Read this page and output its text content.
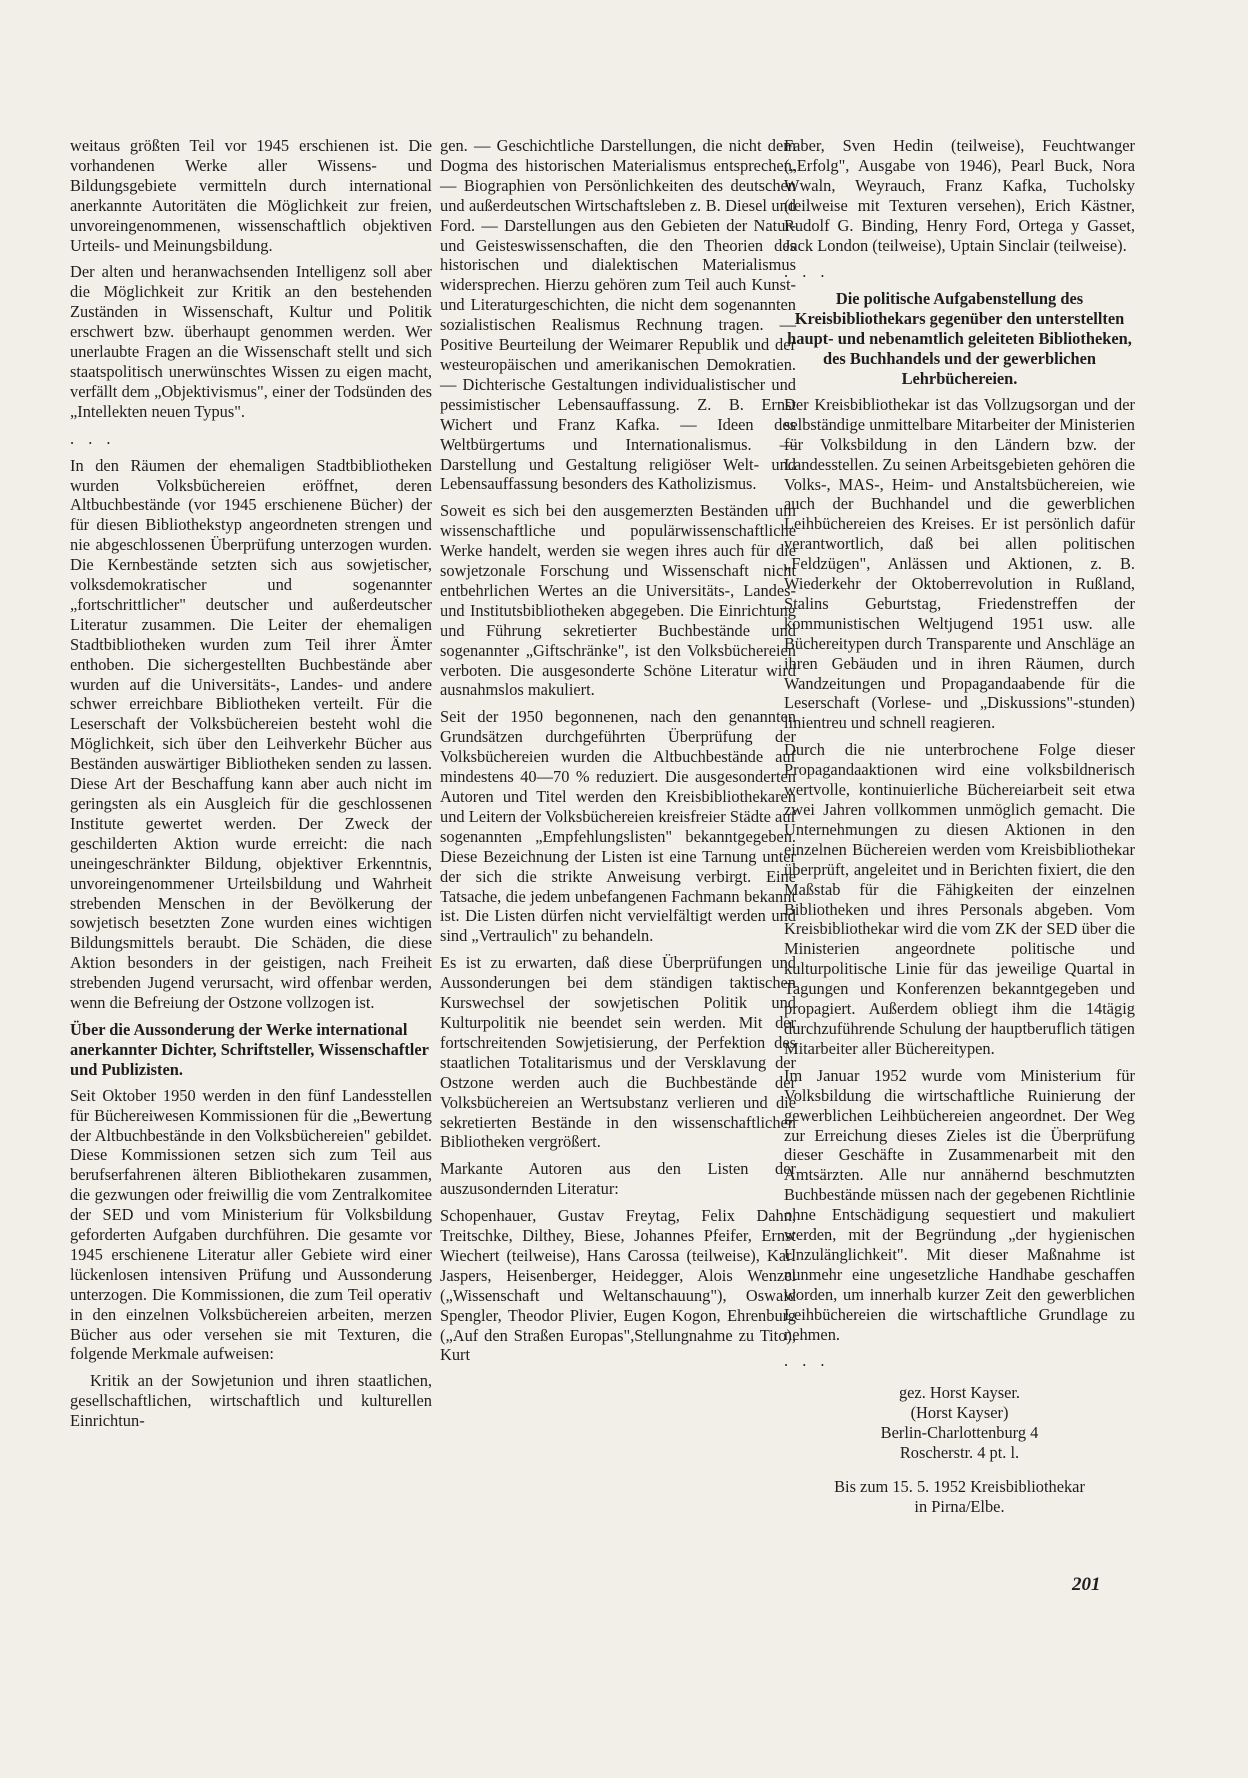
weitaus größten Teil vor 1945 erschienen ist. Die vorhandenen Werke aller Wissens- und Bildungsgebiete vermitteln durch international anerkannte Autoritäten die Möglichkeit zur freien, unvoreingenommenen, wissenschaftlich objektiven Urteils- und Meinungsbildung.

Der alten und heranwachsenden Intelligenz soll aber die Möglichkeit zur Kritik an den bestehenden Zuständen in Wissenschaft, Kultur und Politik erschwert bzw. überhaupt genommen werden. Wer unerlaubte Fragen an die Wissenschaft stellt und sich staatspolitisch unerwünschtes Wissen zu eigen macht, verfällt dem „Objektivismus", einer der Todsünden des „Intellekten neuen Typus".

. . .

In den Räumen der ehemaligen Stadtbibliotheken wurden Volksbüchereien eröffnet, deren Altbuchbestände (vor 1945 erschienene Bücher) der für diesen Bibliothekstyp angeordneten strengen und nie abgeschlossenen Überprüfung unterzogen wurden. Die Kernbestände setzten sich aus sowjetischer, volksdemokratischer und sogenannter „fortschrittlicher" deutscher und außerdeutscher Literatur zusammen. Die Leiter der ehemaligen Stadtbibliotheken wurden zum Teil ihrer Ämter enthoben. Die sichergestellten Buchbestände aber wurden auf die Universitäts-, Landes- und andere schwer erreichbare Bibliotheken verteilt. Für die Leserschaft der Volksbüchereien besteht wohl die Möglichkeit, sich über den Leihverkehr Bücher aus Beständen auswärtiger Bibliotheken senden zu lassen. Diese Art der Beschaffung kann aber auch nicht im geringsten als ein Ausgleich für die geschlossenen Institute gewertet werden. Der Zweck der geschilderten Aktion wurde erreicht: die nach uneingeschränkter Bildung, objektiver Erkenntnis, unvoreingenommener Urteilsbildung und Wahrheit strebenden Menschen in der Bevölkerung der sowjetisch besetzten Zone wurden eines wichtigen Bildungsmittels beraubt. Die Schäden, die diese Aktion besonders in der geistigen, nach Freiheit strebenden Jugend verursacht, wird offenbar werden, wenn die Befreiung der Ostzone vollzogen ist.

Über die Aussonderung der Werke international anerkannter Dichter, Schriftsteller, Wissenschaftler und Publizisten.

Seit Oktober 1950 werden in den fünf Landesstellen für Büchereiwesen Kommissionen für die „Bewertung der Altbuchbestände in den Volksbüchereien" gebildet. Diese Kommissionen setzen sich zum Teil aus berufserfahrenen älteren Bibliothekaren zusammen, die gezwungen oder freiwillig die vom Zentralkomitee der SED und vom Ministerium für Volksbildung geforderten Aufgaben durchführen. Die gesamte vor 1945 erschienene Literatur aller Gebiete wird einer lückenlosen intensiven Prüfung und Aussonderung unterzogen. Die Kommissionen, die zum Teil operativ in den einzelnen Volksbüchereien arbeiten, merzen Bücher aus oder versehen sie mit Texturen, die folgende Merkmale aufweisen:

Kritik an der Sowjetunion und ihren staatlichen, gesellschaftlichen, wirtschaftlich und kulturellen Einrichtun-

gen. — Geschichtliche Darstellungen, die nicht dem Dogma des historischen Materialismus entsprechen. — Biographien von Persönlichkeiten des deutschen und außerdeutschen Wirtschaftsleben z. B. Diesel und Ford. — Darstellungen aus den Gebieten der Natur- und Geisteswissenschaften, die den Theorien des historischen und dialektischen Materialismus widersprechen. Hierzu gehören zum Teil auch Kunst- und Literaturgeschichten, die nicht dem sogenannten sozialistischen Realismus Rechnung tragen. — Positive Beurteilung der Weimarer Republik und der westeuropäischen und amerikanischen Demokratien. — Dichterische Gestaltungen individualistischer und pessimistischer Lebensauffassung. Z. B. Ernst Wichert und Franz Kafka. — Ideen des Weltbürgertums und Internationalismus. — Darstellung und Gestaltung religiöser Welt- und Lebensauffassung besonders des Katholizismus.

Soweit es sich bei den ausgemerzten Beständen um wissenschaftliche und populärwissenschaftliche Werke handelt, werden sie wegen ihres auch für die sowjetzonale Forschung und Wissenschaft nicht entbehrlichen Wertes an die Universitäts-, Landes- und Institutsbibliotheken abgegeben. Die Einrichtung und Führung sekretierter Buchbestände und sogenannter „Giftschränke", ist den Volksbüchereien verboten. Die ausgesonderte Schöne Literatur wird ausnahmslos makuliert.

Seit der 1950 begonnenen, nach den genannten Grundsätzen durchgeführten Überprüfung der Volksbüchereien wurden die Altbuchbestände auf mindestens 40—70 % reduziert. Die ausgesonderten Autoren und Titel werden den Kreisbibliothekaren und Leitern der Volksbüchereien kreisfreier Städte auf sogenannten „Empfehlungslisten" bekanntgegeben. Diese Bezeichnung der Listen ist eine Tarnung unter der sich die strikte Anweisung verbirgt. Eine Tatsache, die jedem unbefangenen Fachmann bekannt ist. Die Listen dürfen nicht vervielfältigt werden und sind „Vertraulich" zu behandeln.

Es ist zu erwarten, daß diese Überprüfungen und Aussonderungen bei dem ständigen taktischen Kurswechsel der sowjetischen Politik und Kulturpolitik nie beendet sein werden. Mit der fortschreitenden Sowjetisierung, der Perfektion des staatlichen Totalitarismus und der Versklavung der Ostzone werden auch die Buchbestände der Volksbüchereien an Wertsubstanz verlieren und die sekretierten Bestände in den wissenschaftlichen Bibliotheken vergrößert.

Markante Autoren aus den Listen der auszusondernden Literatur:

Schopenhauer, Gustav Freytag, Felix Dahn, Treitschke, Dilthey, Biese, Johannes Pfeifer, Ernst Wiechert (teilweise), Hans Carossa (teilweise), Karl Jaspers, Heisenberger, Heidegger, Alois Wenzel („Wissenschaft und Weltanschauung"), Oswald Spengler, Theodor Plivier, Eugen Kogon, Ehrenburg („Auf den Straßen Europas",Stellungnahme zu Tito), Kurt

Faber, Sven Hedin (teilweise), Feuchtwanger („Erfolg", Ausgabe von 1946), Pearl Buck, Nora Wwaln, Weyrauch, Franz Kafka, Tucholsky (teilweise mit Texturen versehen), Erich Kästner, Rudolf G. Binding, Henry Ford, Ortega y Gasset, Jack London (teilweise), Uptain Sinclair (teilweise).

. . .

Die politische Aufgabenstellung des Kreisbibliothekars gegenüber den unterstellten haupt- und nebenamtlich geleiteten Bibliotheken, des Buchhandels und der gewerblichen Lehrbüchereien.

Der Kreisbibliothekar ist das Vollzugsorgan und der selbständige unmittelbare Mitarbeiter der Ministerien für Volksbildung in den Ländern bzw. der Landesstellen. Zu seinen Arbeitsgebieten gehören die Volks-, MAS-, Heim- und Anstaltsbüchereien, wie auch der Buchhandel und die gewerblichen Leihbüchereien des Kreises. Er ist persönlich dafür verantwortlich, daß bei allen politischen „Feldzügen", Anlässen und Aktionen, z. B. Wiederkehr der Oktoberrevolution in Rußland, Stalins Geburtstag, Friedenstreffen der kommunistischen Weltjugend 1951 usw. alle Büchereitypen durch Transparente und Anschläge an ihren Gebäuden und in ihren Räumen, durch Wandzeitungen und Propagandaabende für die Leserschaft (Vorlese- und „Diskussions"-stunden) linientreu und schnell reagieren.

Durch die nie unterbrochene Folge dieser Propagandaaktionen wird eine volksbildnerisch wertvolle, kontinuierliche Büchereiarbeit seit etwa zwei Jahren vollkommen unmöglich gemacht. Die Unternehmungen zu diesen Aktionen in den einzelnen Büchereien werden vom Kreisbibliothekar überprüft, angeleitet und in Berichten fixiert, die den Maßstab für die Fähigkeiten der einzelnen Bibliotheken und ihres Personals abgeben. Vom Kreisbibliothekar wird die vom ZK der SED über die Ministerien angeordnete politische und kulturpolitische Linie für das jeweilige Quartal in Tagungen und Konferenzen bekanntgegeben und propagiert. Außerdem obliegt ihm die 14tägig durchzuführende Schulung der hauptberuflich tätigen Mitarbeiter aller Büchereitypen.

Im Januar 1952 wurde vom Ministerium für Volksbildung die wirtschaftliche Ruinierung der gewerblichen Leihbüchereien angeordnet. Der Weg zur Erreichung dieses Zieles ist die Überprüfung dieser Geschäfte in Zusammenarbeit mit den Amtsärzten. Alle nur annähernd beschmutzten Buchbestände müssen nach der gegebenen Richtlinie ohne Entschädigung sequestiert und makuliert werden, mit der Begründung „der hygienischen Unzulänglichkeit". Mit dieser Maßnahme ist nunmehr eine ungesetzliche Handhabe geschaffen worden, um innerhalb kurzer Zeit den gewerblichen Leihbüchereien die wirtschaftliche Grundlage zu nehmen.

. . .

gez. Horst Kayser.

(Horst Kayser)

Berlin-Charlottenburg 4

Roscherstr. 4 pt. l.

Bis zum 15. 5. 1952 Kreisbibliothekar

in Pirna/Elbe.

201
